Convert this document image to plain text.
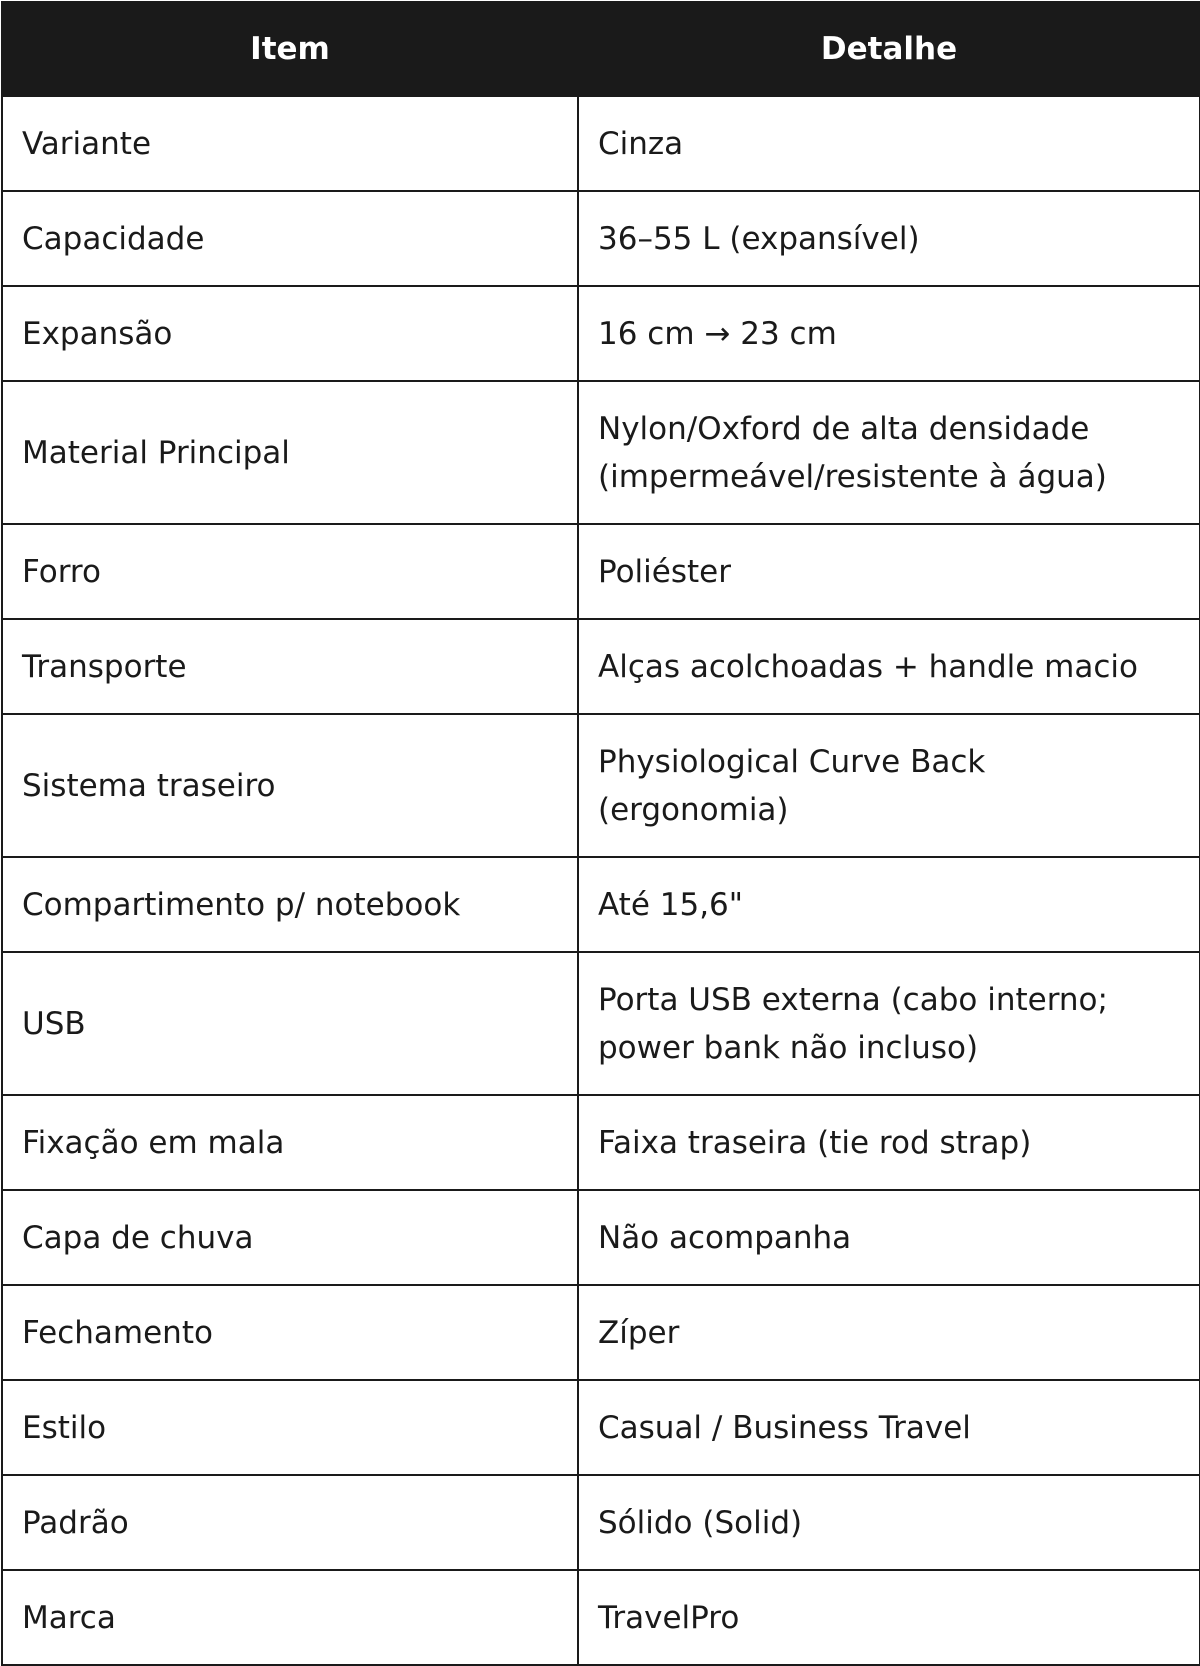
Item	Detalhe
Variante	Cinza
Capacidade	36–55 L (expansível)
Expansão	16 cm → 23 cm
Material Principal	Nylon/Oxford de alta densidade (impermeável/resistente à água)
Forro	Poliéster
Transporte	Alças acolchoadas + handle macio
Sistema traseiro	Physiological Curve Back (ergonomia)
Compartimento p/ notebook	Até 15,6"
USB	Porta USB externa (cabo interno; power bank não incluso)
Fixação em mala	Faixa traseira (tie rod strap)
Capa de chuva	Não acompanha
Fechamento	Zíper
Estilo	Casual / Business Travel
Padrão	Sólido (Solid)
Marca	TravelPro
